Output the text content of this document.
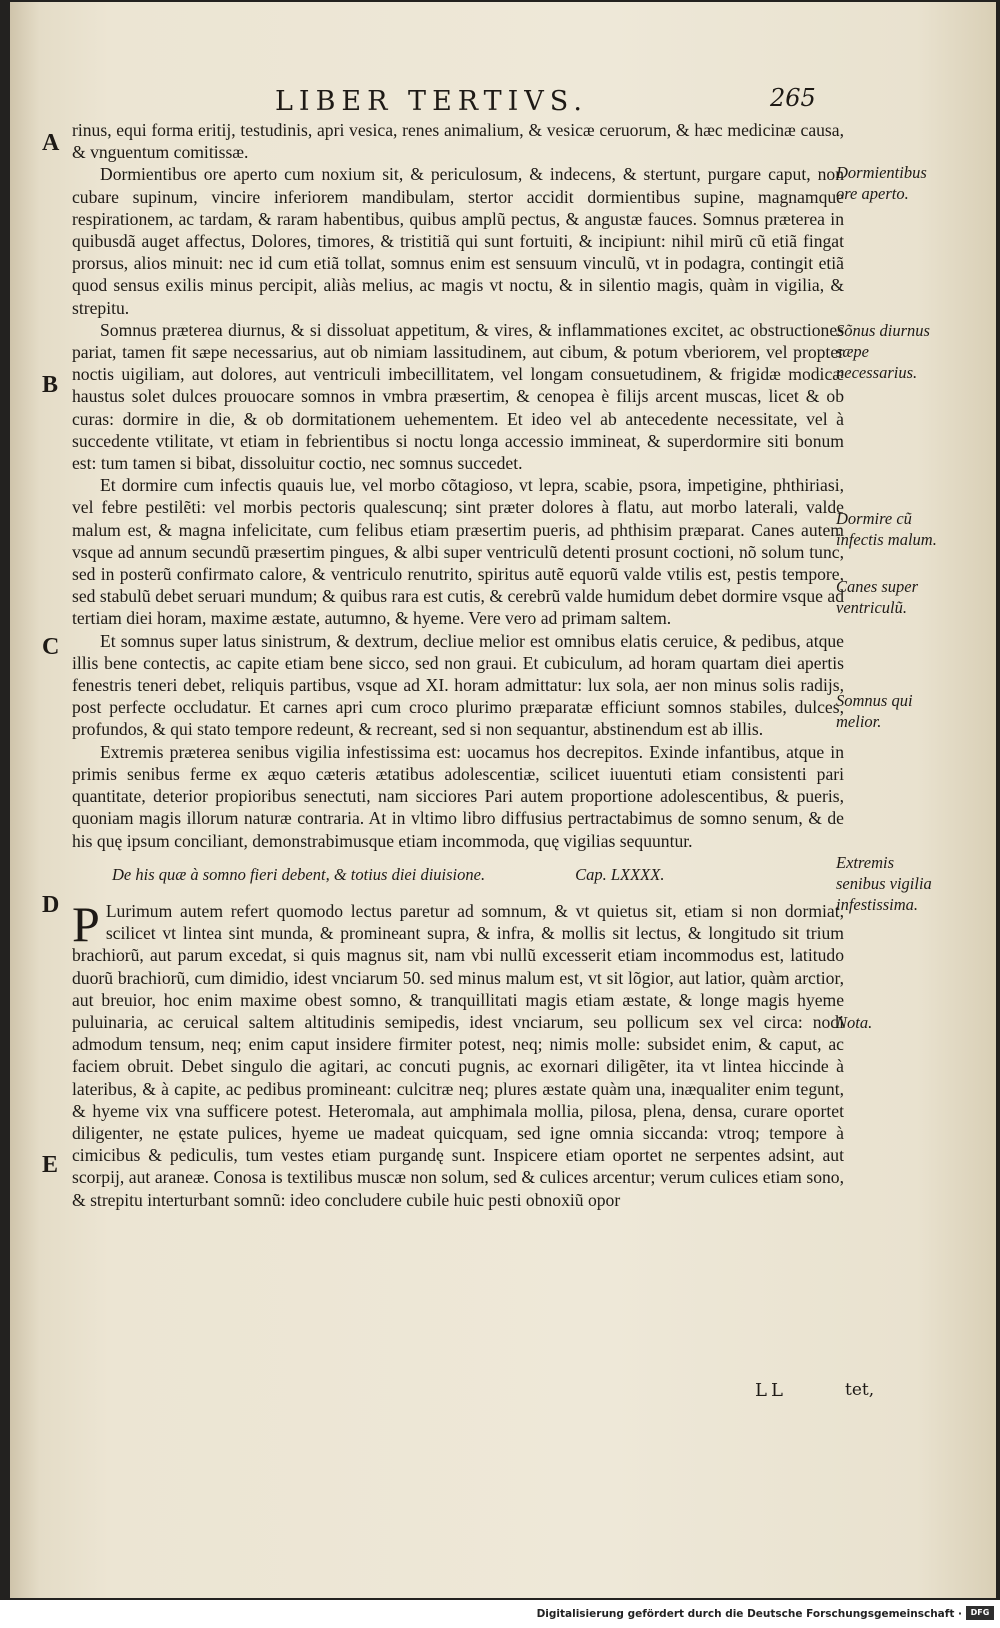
LIBER TERTIVS.	265
A
B
C
D
E
Dormientibus ore aperto.
Sõnus diurnus sæpe necessarius.
Dormire cũ infectis malum.
Canes super ventriculũ.
Somnus qui melior.
Extremis senibus vigilia infestissima.
Nota.

rinus, equi forma eritij, testudinis, apri vesica, renes animalium, & vesicæ ceruorum, & hæc medicinæ causa, & vnguentum comitissæ.

Dormientibus ore aperto cum noxium sit, & periculosum, & indecens, & stertunt, purgare caput, non cubare supinum, vincire inferiorem mandibulam, stertor accidit dormientibus supine, magnamque respirationem, ac tardam, & raram habentibus, quibus amplũ pectus, & angustæ fauces. Somnus præterea in quibusdã auget affectus, Dolores, timores, & tristitiã qui sunt fortuiti, & incipiunt: nihil mirũ cũ etiã fingat prorsus, alios minuit: nec id cum etiã tollat, somnus enim est sensuum vinculũ, vt in podagra, contingit etiã quod sensus exilis minus percipit, aliàs melius, ac magis vt noctu, & in silentio magis, quàm in vigilia, & strepitu.

Somnus præterea diurnus, & si dissoluat appetitum, & vires, & inflammationes excitet, ac obstructiones pariat, tamen fit sæpe necessarius, aut ob nimiam lassitudinem, aut cibum, & potum vberiorem, vel propter noctis uigiliam, aut dolores, aut ventriculi imbecillitatem, vel longam consuetudinem, & frigidæ modicæ haustus solet dulces prouocare somnos in vmbra præsertim, & cenopea è filijs arcent muscas, licet & ob curas: dormire in die, & ob dormitationem uehementem. Et ideo vel ab antecedente necessitate, vel à succedente vtilitate, vt etiam in febrientibus si noctu longa accessio immineat, & superdormire siti bonum est: tum tamen si bibat, dissoluitur coctio, nec somnus succedet.

Et dormire cum infectis quauis lue, vel morbo cõtagioso, vt lepra, scabie, psora, impetigine, phthiriasi, vel febre pestilẽti: vel morbis pectoris qualescunq; sint præter dolores à flatu, aut morbo laterali, valde malum est, & magna infelicitate, cum felibus etiam præsertim pueris, ad phthisim præparat. Canes autem vsque ad annum secundũ præsertim pingues, & albi super ventriculũ detenti prosunt coctioni, nõ solum tunc, sed in posterũ confirmato calore, & ventriculo renutrito, spiritus autẽ equorũ valde vtilis est, pestis tempore, sed stabulũ debet seruari mundum; & quibus rara est cutis, & cerebrũ valde humidum debet dormire vsque ad tertiam diei horam, maxime æstate, autumno, & hyeme. Vere vero ad primam saltem.

Et somnus super latus sinistrum, & dextrum, decliue melior est omnibus elatis ceruice, & pedibus, atque illis bene contectis, ac capite etiam bene sicco, sed non graui. Et cubiculum, ad horam quartam diei apertis fenestris teneri debet, reliquis partibus, vsque ad XI. horam admittatur: lux sola, aer non minus solis radijs, post perfecte occludatur. Et carnes apri cum croco plurimo præparatæ efficiunt somnos stabiles, dulces, profundos, & qui stato tempore redeunt, & recreant, sed si non sequantur, abstinendum est ab illis.

Extremis præterea senibus vigilia infestissima est: uocamus hos decrepitos. Exinde infantibus, atque in primis senibus ferme ex æquo cæteris ætatibus adolescentiæ, scilicet iuuentuti etiam consistenti pari quantitate, deterior propioribus senectuti, nam sicciores Pari autem proportione adolescentibus, & pueris, quoniam magis illorum naturæ contraria. At in vltimo libro diffusius pertractabimus de somno senum, & de his quę ipsum conciliant, demonstrabimusque etiam incommoda, quę vigilias sequuntur.

De his quæ à somno fieri debent, & totius diei diuisione.	Cap. LXXXX.

P Lurimum autem refert quomodo lectus paretur ad somnum, & vt quietus sit, etiam si non dormiat, scilicet vt lintea sint munda, & promineant supra, & infra, & mollis sit lectus, & longitudo sit trium brachiorũ, aut parum excedat, si quis magnus sit, nam vbi nullũ excesserit etiam incommodus est, latitudo duorũ brachiorũ, cum dimidio, idest vnciarum 50. sed minus malum est, vt sit lõgior, aut latior, quàm arctior, aut breuior, hoc enim maxime obest somno, & tranquillitati magis etiam æstate, & longe magis hyeme puluinaria, ac ceruical saltem altitudinis semipedis, idest vnciarum, seu pollicum sex vel circa: nodi admodum tensum, neq; enim caput insidere firmiter potest, neq; nimis molle: subsidet enim, & caput, ac faciem obruit. Debet singulo die agitari, ac concuti pugnis, ac exornari diligẽter, ita vt lintea hiccinde à lateribus, & à capite, ac pedibus promineant: culcitræ neq; plures æstate quàm una, inæqualiter enim tegunt, & hyeme vix vna sufficere potest. Heteromala, aut amphimala mollia, pilosa, plena, densa, curare oportet diligenter, ne ęstate pulices, hyeme ue madeat quicquam, sed igne omnia siccanda: vtroq; tempore à cimicibus & pediculis, tum vestes etiam purgandę sunt. Inspicere etiam oportet ne serpentes adsint, aut scorpij, aut araneæ. Conosa is textilibus muscæ non solum, sed & culices arcentur; verum culices etiam sono, & strepitu interturbant somnũ: ideo concludere cubile huic pesti obnoxiũ opor

LL	tet,
Digitalisierung gefördert durch die Deutsche Forschungsgemeinschaft ·	DFG
